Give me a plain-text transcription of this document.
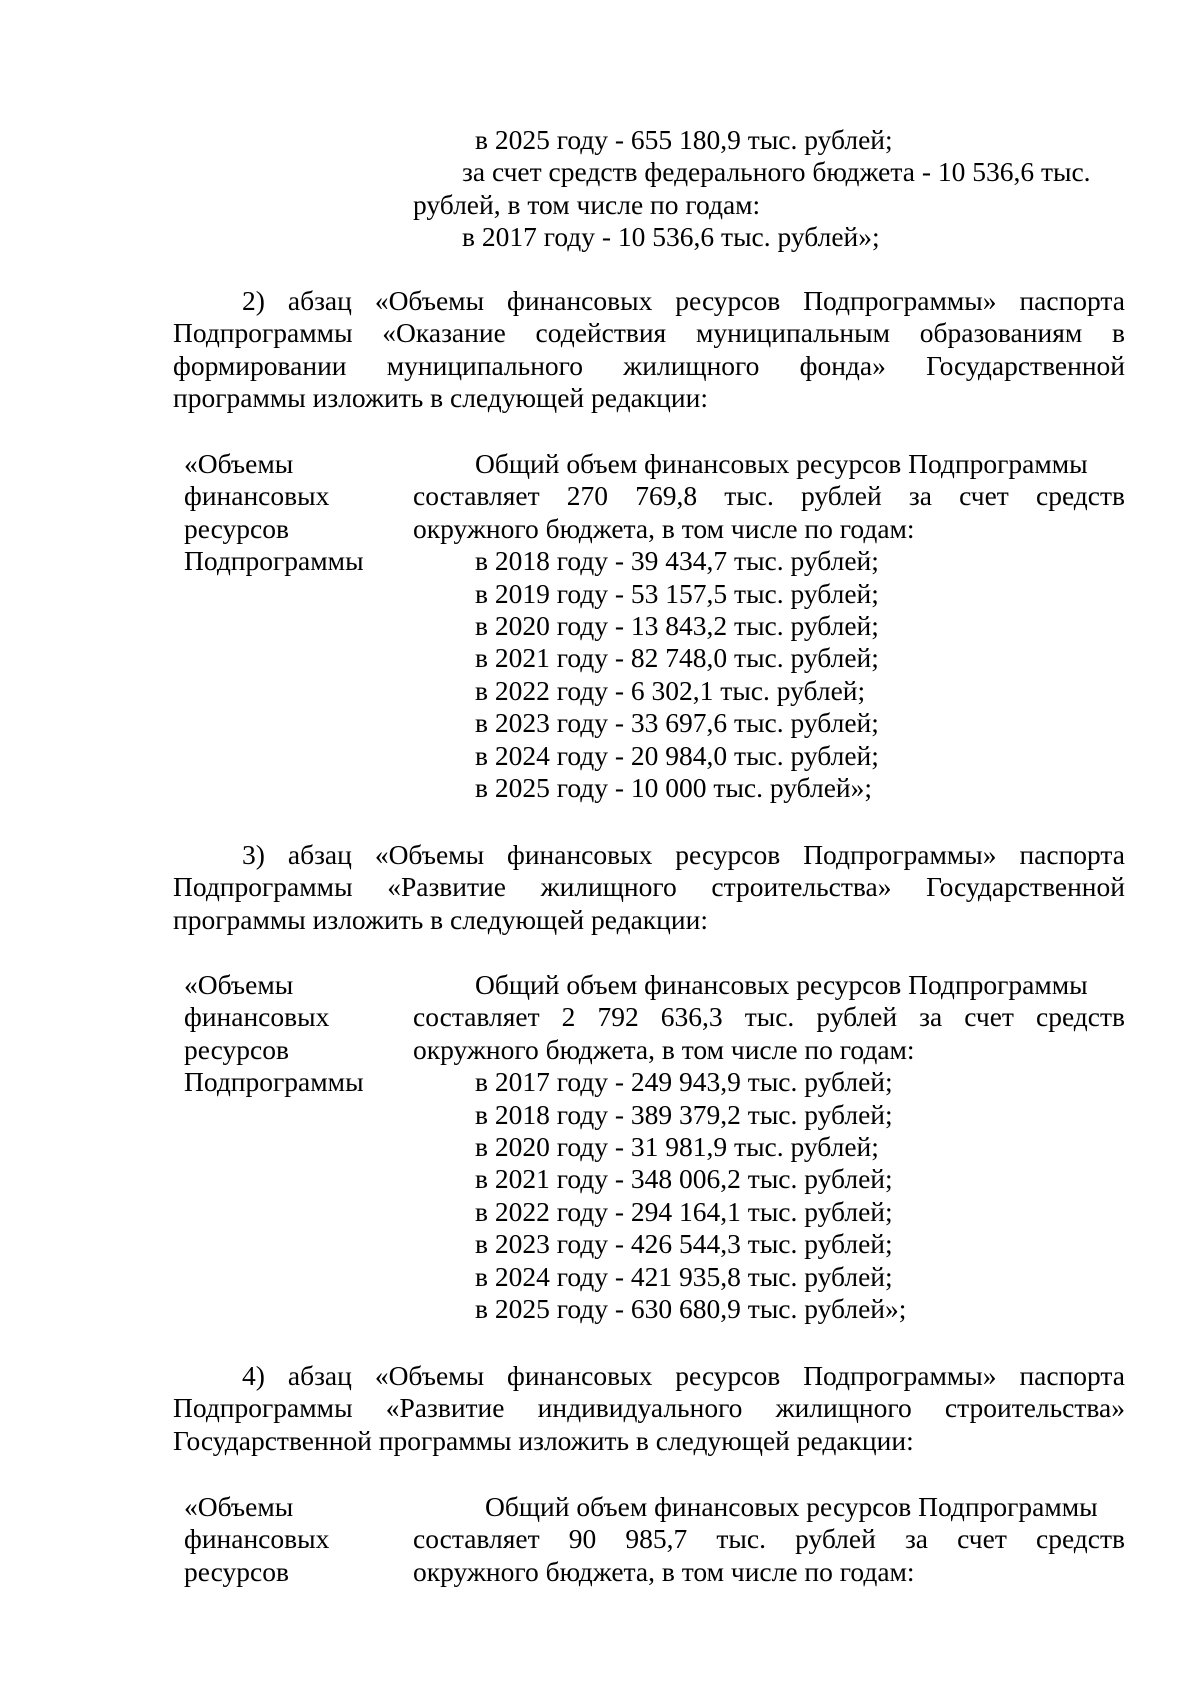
в 2025 году - 655 180,9 тыс. рублей;
за счет средств федерального бюджета - 10 536,6 тыс.
рублей, в том числе по годам:
в 2017 году - 10 536,6 тыс. рублей»;
2) абзац «Объемы финансовых ресурсов Подпрограммы» паспорта
Подпрограммы «Оказание содействия муниципальным образованиям в
формировании муниципального жилищного фонда» Государственной
программы изложить в следующей редакции:
«Объемы
финансовых
ресурсов
Подпрограммы
Общий объем финансовых ресурсов Подпрограммы
составляет 270 769,8 тыс. рублей за счет средств
окружного бюджета, в том числе по годам:
в 2018 году - 39 434,7 тыс. рублей;
в 2019 году - 53 157,5 тыс. рублей;
в 2020 году - 13 843,2 тыс. рублей;
в 2021 году - 82 748,0 тыс. рублей;
в 2022 году - 6 302,1 тыс. рублей;
в 2023 году - 33 697,6 тыс. рублей;
в 2024 году - 20 984,0 тыс. рублей;
в 2025 году - 10 000 тыс. рублей»;
3) абзац «Объемы финансовых ресурсов Подпрограммы» паспорта
Подпрограммы «Развитие жилищного строительства» Государственной
программы изложить в следующей редакции:
«Объемы
финансовых
ресурсов
Подпрограммы
Общий объем финансовых ресурсов Подпрограммы
составляет 2 792 636,3 тыс. рублей за счет средств
окружного бюджета, в том числе по годам:
в 2017 году - 249 943,9 тыс. рублей;
в 2018 году - 389 379,2 тыс. рублей;
в 2020 году - 31 981,9 тыс. рублей;
в 2021 году - 348 006,2 тыс. рублей;
в 2022 году - 294 164,1 тыс. рублей;
в 2023 году - 426 544,3 тыс. рублей;
в 2024 году - 421 935,8 тыс. рублей;
в 2025 году - 630 680,9 тыс. рублей»;
4) абзац «Объемы финансовых ресурсов Подпрограммы» паспорта
Подпрограммы «Развитие индивидуального жилищного строительства»
Государственной программы изложить в следующей редакции:
«Объемы
финансовых
ресурсов
Общий объем финансовых ресурсов Подпрограммы
составляет 90 985,7 тыс. рублей за счет средств
окружного бюджета, в том числе по годам:
